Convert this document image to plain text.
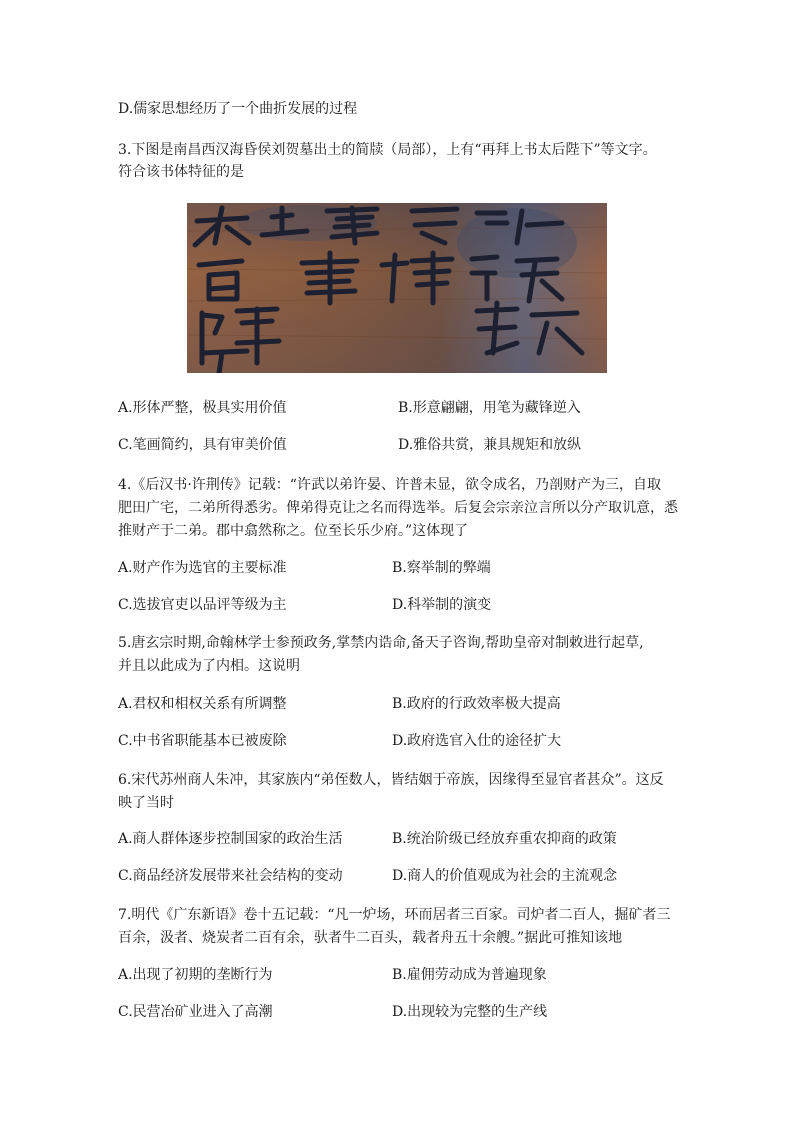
D.儒家思想经历了一个曲折发展的过程
3.下图是南昌西汉海昏侯刘贺墓出土的简牍（局部），上有“再拜上书太后陛下”等文字。
符合该书体特征的是
A.形体严整，极具实用价值	B.形意翩翩，用笔为藏锋逆入
C.笔画简约，具有审美价值	D.雅俗共赏，兼具规矩和放纵
4.《后汉书·许荆传》记载：“许武以弟许晏、许普未显，欲令成名，乃剖财产为三，自取
肥田广宅，二弟所得悉劣。俾弟得克让之名而得选举。后复会宗亲泣言所以分产取讥意，悉
推财产于二弟。郡中翕然称之。位至长乐少府。”这体现了
A.财产作为选官的主要标准	B.察举制的弊端
C.选拔官吏以品评等级为主	D.科举制的演变
5.唐玄宗时期,命翰林学士参预政务,掌禁内诰命,备天子咨询,帮助皇帝对制敕进行起草,
并且以此成为了内相。这说明
A.君权和相权关系有所调整	B.政府的行政效率极大提高
C.中书省职能基本已被废除	D.政府选官入仕的途径扩大
6.宋代苏州商人朱冲，其家族内“弟侄数人，皆结姻于帝族，因缘得至显官者甚众”。这反
映了当时
A.商人群体逐步控制国家的政治生活	B.统治阶级已经放弃重农抑商的政策
C.商品经济发展带来社会结构的变动	D.商人的价值观成为社会的主流观念
7.明代《广东新语》卷十五记载：“凡一炉场，环而居者三百家。司炉者二百人，掘矿者三
百余，汲者、烧炭者二百有余，驮者牛二百头，载者舟五十余艘。”据此可推知该地
A.出现了初期的垄断行为	B.雇佣劳动成为普遍现象
C.民营冶矿业进入了高潮	D.出现较为完整的生产线
